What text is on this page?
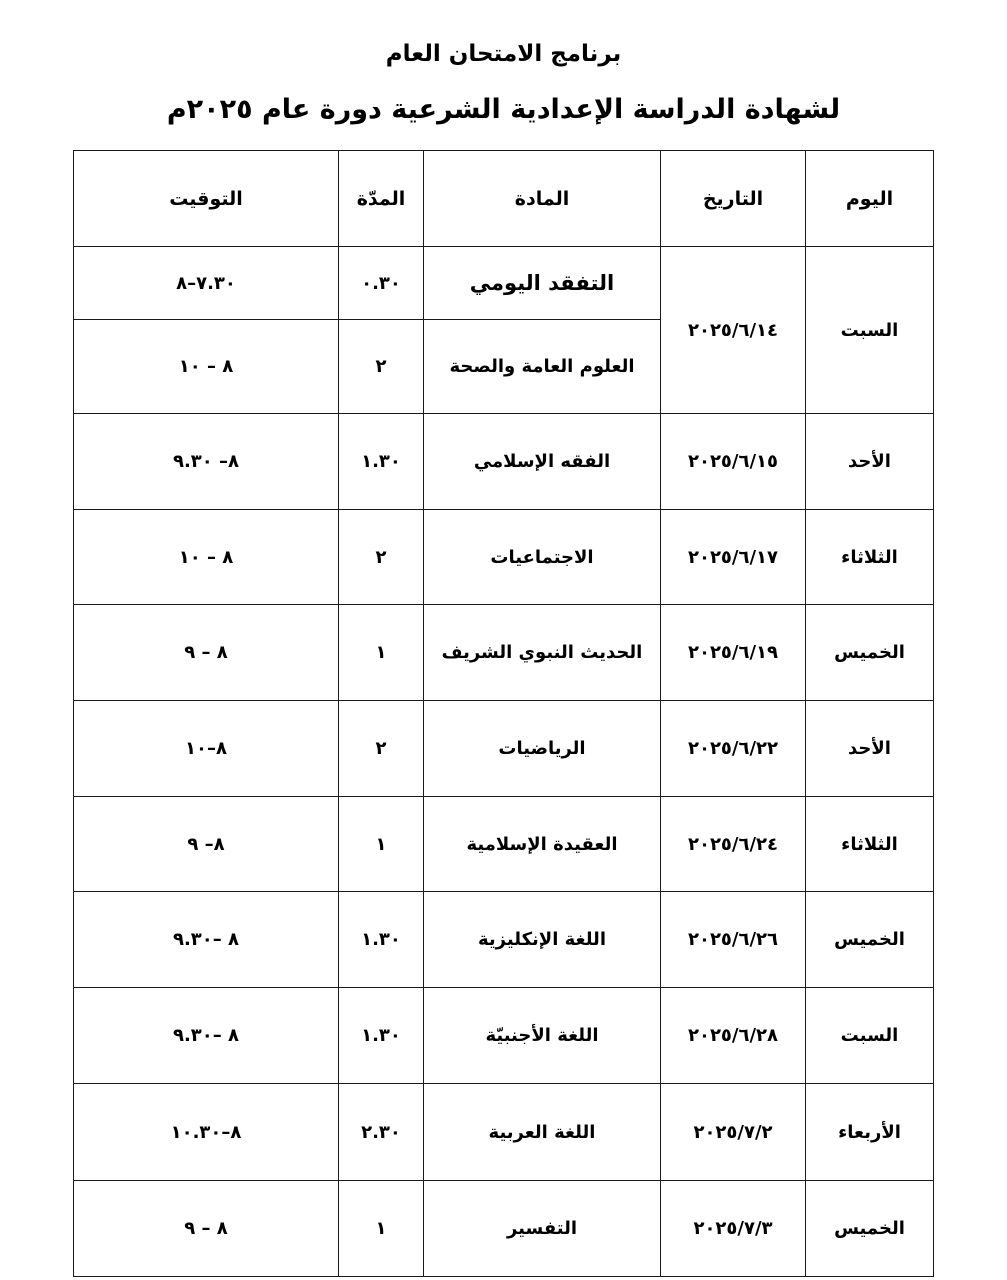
برنامج الامتحان العام
لشهادة الدراسة الإعدادية الشرعية دورة عام ٢٠٢٥م
اليوم	التاريخ	المادة	المدّة	التوقيت
السبت	٢٠٢٥/٦/١٤	التفقد اليومي	٠.٣٠	٧.٣٠–٨
		العلوم العامة والصحة	٢	٨ – ١٠
الأحد	٢٠٢٥/٦/١٥	الفقه الإسلامي	١.٣٠	٨– ٩.٣٠
الثلاثاء	٢٠٢٥/٦/١٧	الاجتماعيات	٢	٨ – ١٠
الخميس	٢٠٢٥/٦/١٩	الحديث النبوي الشريف	١	٨ – ٩
الأحد	٢٠٢٥/٦/٢٢	الرياضيات	٢	٨–١٠
الثلاثاء	٢٠٢٥/٦/٢٤	العقيدة الإسلامية	١	٨– ٩
الخميس	٢٠٢٥/٦/٢٦	اللغة الإنكليزية	١.٣٠	٨ –٩.٣٠
السبت	٢٠٢٥/٦/٢٨	اللغة الأجنبيّة	١.٣٠	٨ –٩.٣٠
الأربعاء	٢٠٢٥/٧/٢	اللغة العربية	٢.٣٠	٨–١٠.٣٠
الخميس	٢٠٢٥/٧/٣	التفسير	١	٨ – ٩
